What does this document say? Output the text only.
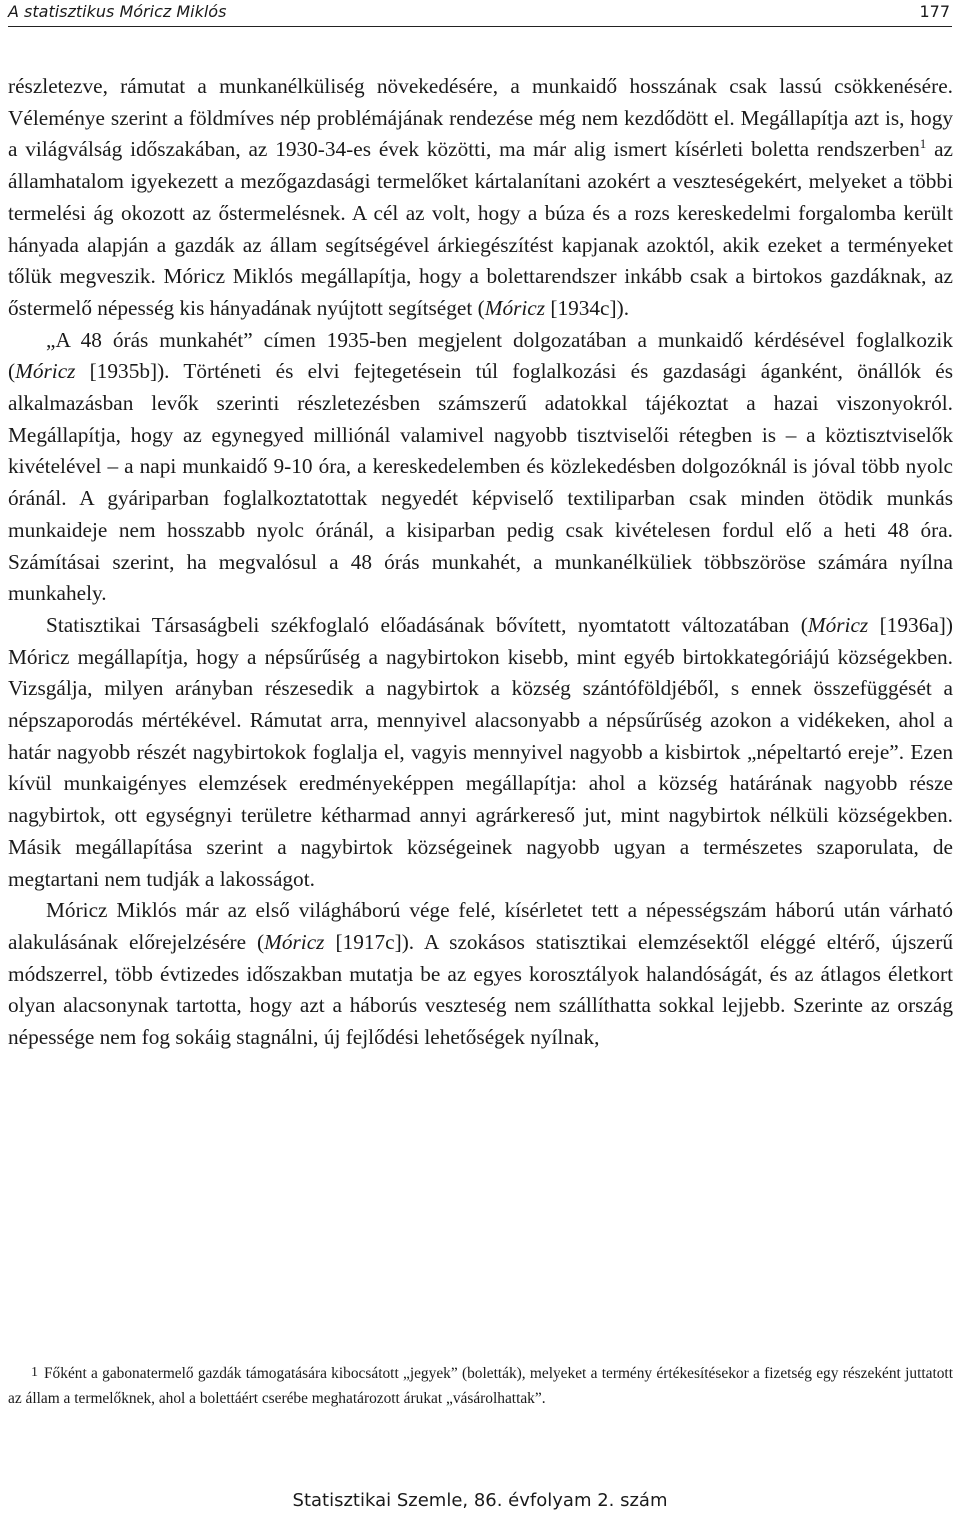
A statisztikus Móricz Miklós	177

részletezve, rámutat a munkanélküliség növekedésére, a munkaidő hosszának csak lassú csökkenésére. Véleménye szerint a földmíves nép problémájának rendezése még nem kezdődött el. Megállapítja azt is, hogy a világválság időszakában, az 1930-34-es évek közötti, ma már alig ismert kísérleti boletta rendszerben$^1$ az államhatalom igyekezett a mezőgazdasági termelőket kártalanítani azokért a veszteségekért, melyeket a többi termelési ág okozott az őstermelésnek. A cél az volt, hogy a búza és a rozs kereskedelmi forgalomba került hányada alapján a gazdák az állam segítségével árkiegészítést kapjanak azoktól, akik ezeket a terményeket tőlük megveszik. Móricz Miklós megállapítja, hogy a bolettarendszer inkább csak a birtokos gazdáknak, az őstermelő népesség kis hányadának nyújtott segítséget (Móricz [1934c]).

„A 48 órás munkahét” címen 1935-ben megjelent dolgozatában a munkaidő kérdésével foglalkozik (Móricz [1935b]). Történeti és elvi fejtegetésein túl foglalkozási és gazdasági áganként, önállók és alkalmazásban levők szerinti részletezésben számszerű adatokkal tájékoztat a hazai viszonyokról. Megállapítja, hogy az egynegyed milliónál valamivel nagyobb tisztviselői rétegben is – a köztisztviselők kivételével – a napi munkaidő 9-10 óra, a kereskedelemben és közlekedésben dolgozóknál is jóval több nyolc óránál. A gyáriparban foglalkoztatottak negyedét képviselő textiliparban csak minden ötödik munkás munkaideje nem hosszabb nyolc óránál, a kisiparban pedig csak kivételesen fordul elő a heti 48 óra. Számításai szerint, ha megvalósul a 48 órás munkahét, a munkanélküliek többszöröse számára nyílna munkahely.

Statisztikai Társaságbeli székfoglaló előadásának bővített, nyomtatott változatában (Móricz [1936a]) Móricz megállapítja, hogy a népsűrűség a nagybirtokon kisebb, mint egyéb birtokkategóriájú községekben. Vizsgálja, milyen arányban részesedik a nagybirtok a község szántóföldjéből, s ennek összefüggését a népszaporodás mértékével. Rámutat arra, mennyivel alacsonyabb a népsűrűség azokon a vidékeken, ahol a határ nagyobb részét nagybirtokok foglalja el, vagyis mennyivel nagyobb a kisbirtok „népeltartó ereje”. Ezen kívül munkaigényes elemzések eredményeképpen megállapítja: ahol a község határának nagyobb része nagybirtok, ott egységnyi területre kétharmad annyi agrárkereső jut, mint nagybirtok nélküli községekben. Másik megállapítása szerint a nagybirtok községeinek nagyobb ugyan a természetes szaporulata, de megtartani nem tudják a lakosságot.

Móricz Miklós már az első világháború vége felé, kísérletet tett a népességszám háború után várható alakulásának előrejelzésére (Móricz [1917c]). A szokásos statisztikai elemzésektől eléggé eltérő, újszerű módszerrel, több évtizedes időszakban mutatja be az egyes korosztályok halandóságát, és az átlagos életkort olyan alacsonynak tartotta, hogy azt a háborús veszteség nem szállíthatta sokkal lejjebb. Szerinte az ország népessége nem fog sokáig stagnálni, új fejlődési lehetőségek nyílnak,

1 Főként a gabonatermelő gazdák támogatására kibocsátott „jegyek” (boletták), melyeket a termény értékesítésekor a fizetség egy részeként juttatott az állam a termelőknek, ahol a bolettáért cserébe meghatározott árukat „vásárolhattak”.
Statisztikai Szemle, 86. évfolyam 2. szám
